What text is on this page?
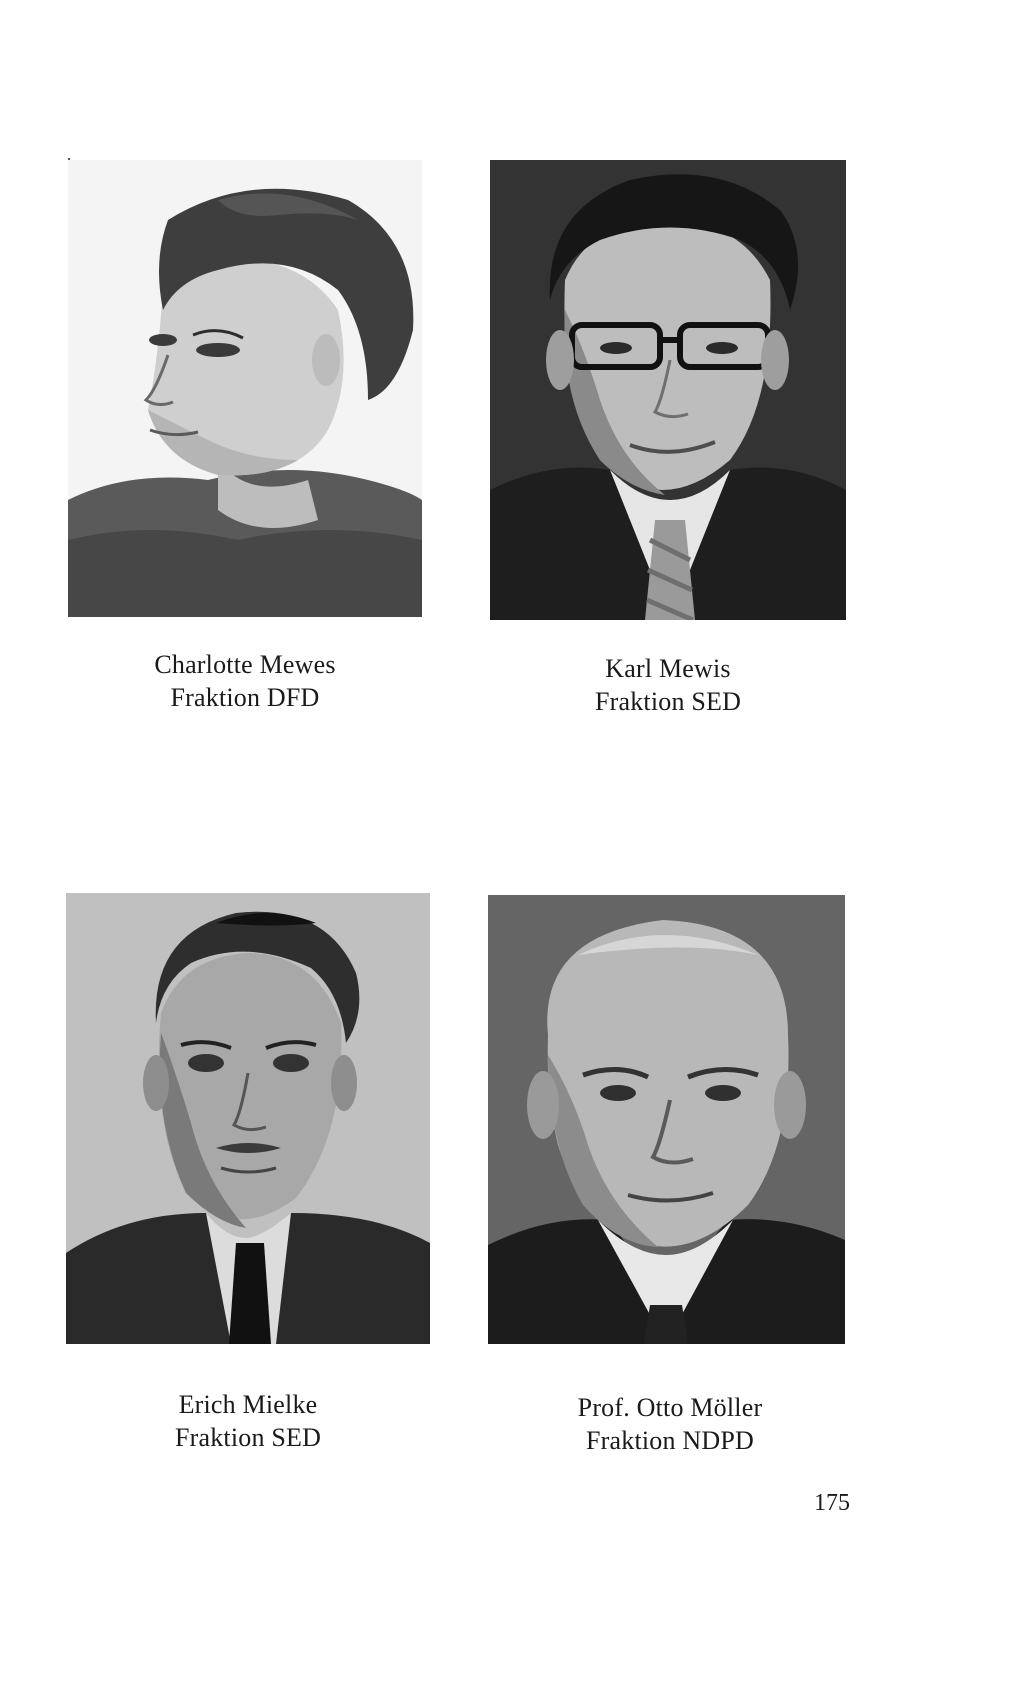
Charlotte Mewes
Fraktion DFD
Karl Mewis
Fraktion SED
Erich Mielke
Fraktion SED
Prof. Otto Möller
Fraktion NDPD
175
